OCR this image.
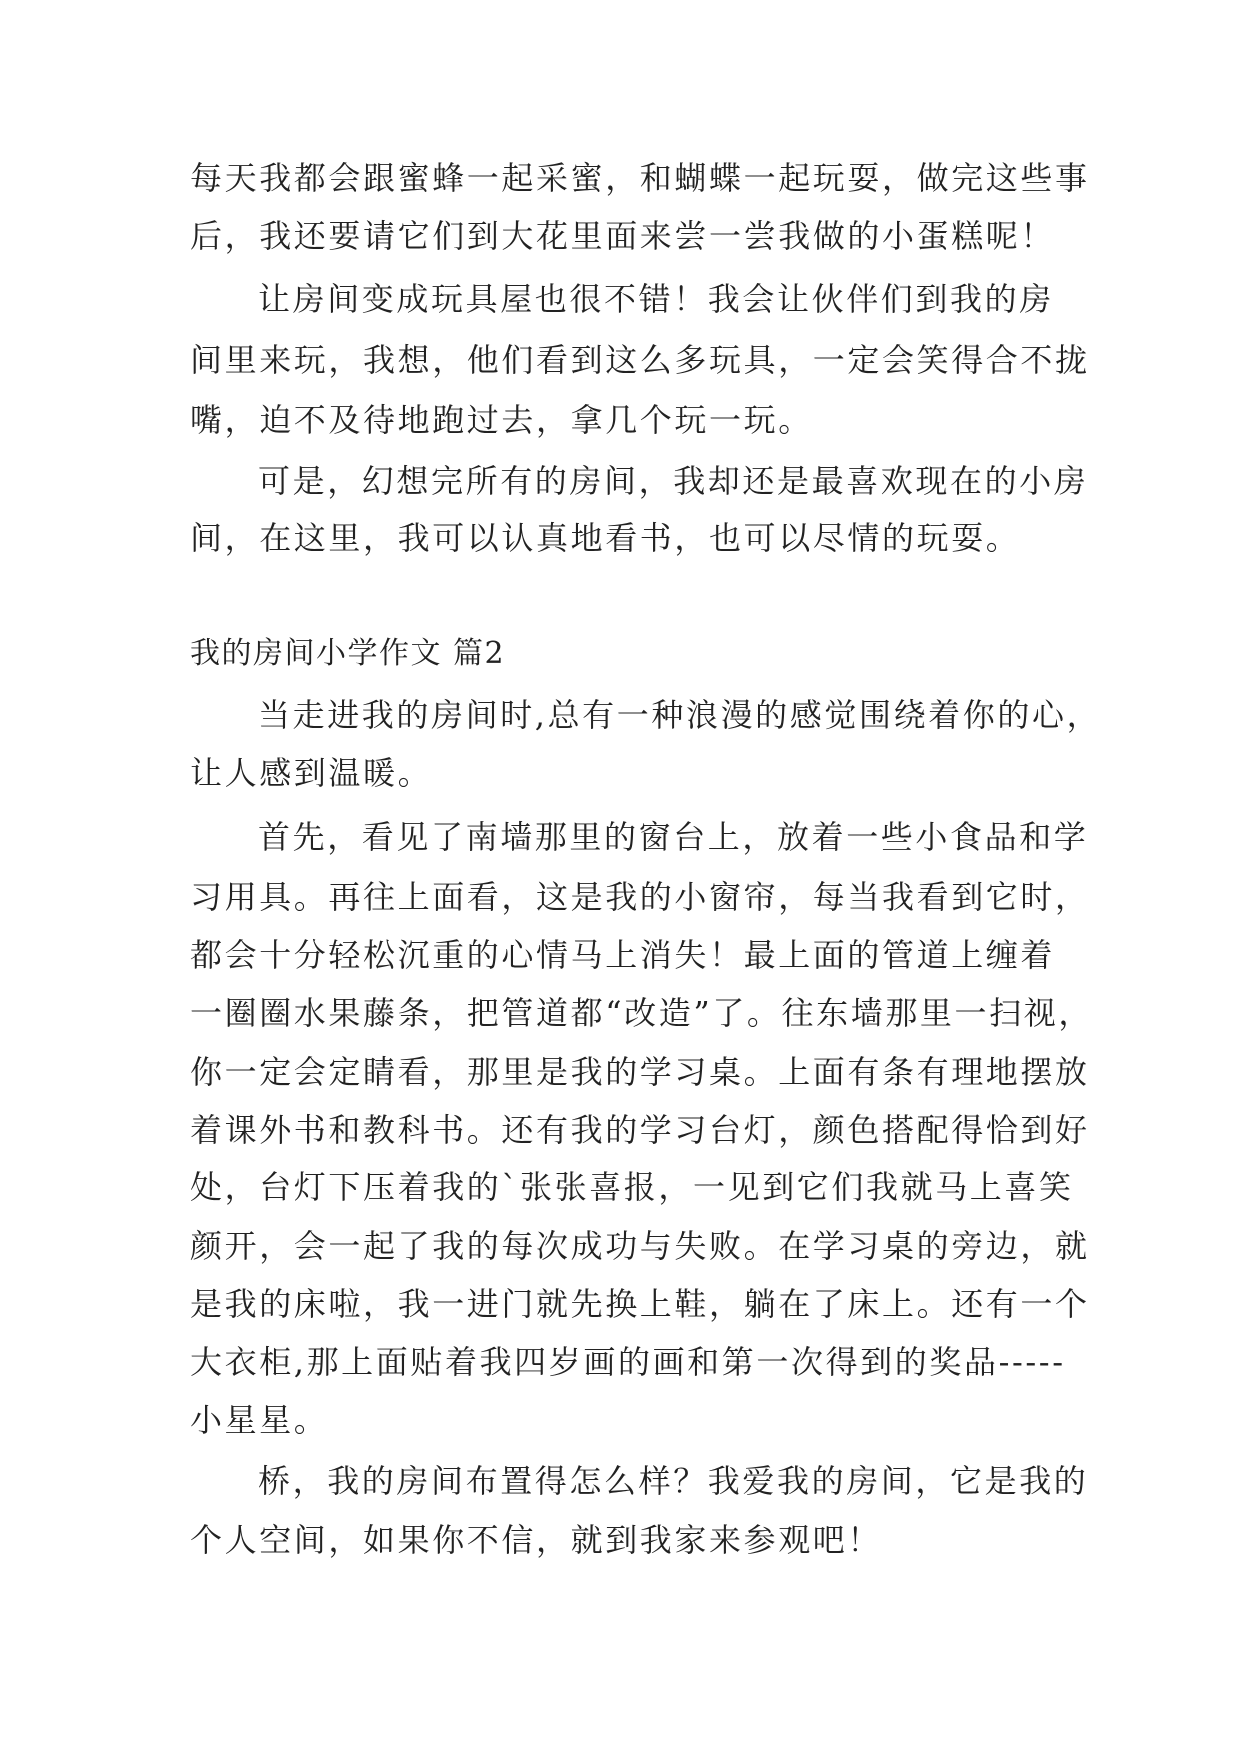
每天我都会跟蜜蜂一起采蜜，和蝴蝶一起玩耍，做完这些事
后，我还要请它们到大花里面来尝一尝我做的小蛋糕呢！
让房间变成玩具屋也很不错！我会让伙伴们到我的房
间里来玩，我想，他们看到这么多玩具，一定会笑得合不拢
嘴，迫不及待地跑过去，拿几个玩一玩。
可是，幻想完所有的房间，我却还是最喜欢现在的小房
间，在这里，我可以认真地看书，也可以尽情的玩耍。
我的房间小学作文 篇2
当走进我的房间时,总有一种浪漫的感觉围绕着你的心，
让人感到温暖。
首先，看见了南墙那里的窗台上，放着一些小食品和学
习用具。再往上面看，这是我的小窗帘，每当我看到它时，
都会十分轻松沉重的心情马上消失！最上面的管道上缠着
一圈圈水果藤条，把管道都“改造”了。往东墙那里一扫视，
你一定会定睛看，那里是我的学习桌。上面有条有理地摆放
着课外书和教科书。还有我的学习台灯，颜色搭配得恰到好
处，台灯下压着我的`张张喜报，一见到它们我就马上喜笑
颜开，会一起了我的每次成功与失败。在学习桌的旁边，就
是我的床啦，我一进门就先换上鞋，躺在了床上。还有一个
大衣柜,那上面贴着我四岁画的画和第一次得到的奖品-----
小星星。
桥，我的房间布置得怎么样？我爱我的房间，它是我的
个人空间，如果你不信，就到我家来参观吧！
